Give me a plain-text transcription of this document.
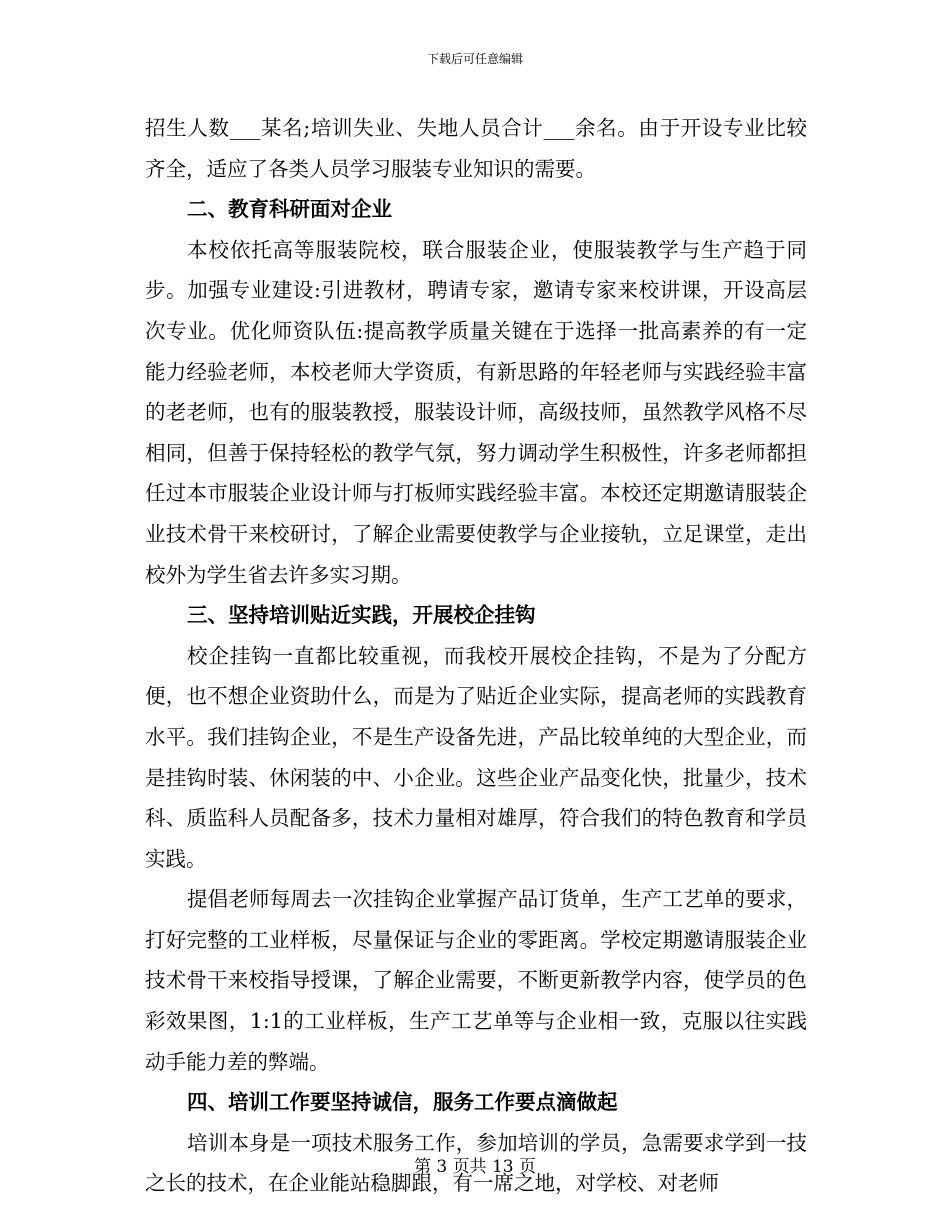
下载后可任意编辑

招生人数___某名;培训失业、失地人员合计___余名。由于开设专业比较齐全，适应了各类人员学习服装专业知识的需要。

二、教育科研面对企业

本校依托高等服装院校，联合服装企业，使服装教学与生产趋于同步。加强专业建设:引进教材，聘请专家，邀请专家来校讲课，开设高层次专业。优化师资队伍:提高教学质量关键在于选择一批高素养的有一定能力经验老师，本校老师大学资质，有新思路的年轻老师与实践经验丰富的老老师，也有的服装教授，服装设计师，高级技师，虽然教学风格不尽相同，但善于保持轻松的教学气氛，努力调动学生积极性，许多老师都担任过本市服装企业设计师与打板师实践经验丰富。本校还定期邀请服装企业技术骨干来校研讨，了解企业需要使教学与企业接轨，立足课堂，走出校外为学生省去许多实习期。

三、坚持培训贴近实践，开展校企挂钩

校企挂钩一直都比较重视，而我校开展校企挂钩，不是为了分配方便，也不想企业资助什么，而是为了贴近企业实际，提高老师的实践教育水平。我们挂钩企业，不是生产设备先进，产品比较单纯的大型企业，而是挂钩时装、休闲装的中、小企业。这些企业产品变化快，批量少，技术科、质监科人员配备多，技术力量相对雄厚，符合我们的特色教育和学员实践。

提倡老师每周去一次挂钩企业掌握产品订货单，生产工艺单的要求，打好完整的工业样板，尽量保证与企业的零距离。学校定期邀请服装企业技术骨干来校指导授课，了解企业需要，不断更新教学内容，使学员的色彩效果图，1:1的工业样板，生产工艺单等与企业相一致，克服以往实践动手能力差的弊端。

四、培训工作要坚持诚信，服务工作要点滴做起

培训本身是一项技术服务工作，参加培训的学员，急需要求学到一技之长的技术，在企业能站稳脚跟，有一席之地，对学校、对老师

第 3 页共 13 页
